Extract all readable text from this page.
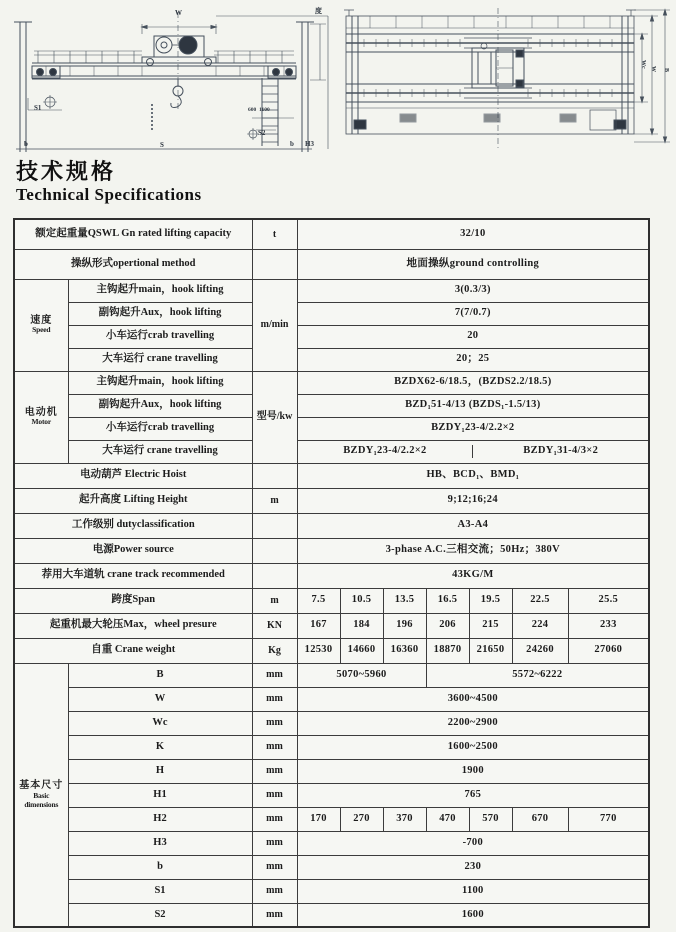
W	度
S1	600  1100
S2
b	S	b H3
Wc
W B
技术规格
Technical Specifications
额定起重量QSWL Gn rated lifting capacity		t	32/10						
操纵形式opertional method			地面操纵ground controlling						

速度
Speed	主钩起升main，hook lifting	m/min	3(0.3/3)						
	副钩起升Aux，hook lifting		7(7/0.7)						
	小车运行crab travelling		20						
	大车运行 crane travelling		20；25						

电动机
Motor	主钩起升main，hook lifting	型号/kw	BZDX62-6/18.5，(BZDS2.2/18.5)						
	副钩起升Aux，hook lifting		BZD₁51-4/13 (BZDS₁-1.5/13)						
	小车运行crab travelling		BZDY₁23-4/2.2×2						
	大车运行 crane travelling		BZDY₁23-4/2.2×2 BZDY₁31-4/3×2						

电动葫芦 Electric Hoist			HB、BCD₁、BMD₁						
起升高度 Lifting Height		m	9;12;16;24						
工作级别 dutyclassification			A3-A4						
电源Power source			3-phase A.C.三相交流；50Hz；380V						
荐用大车道轨 crane track recommended			43KG/M						
跨度Span		m	7.5	10.5	13.5	16.5	19.5	22.5	25.5
起重机最大轮压Max，wheel presure		KN	167	184	196	206	215	224	233
自重 Crane weight		Kg	12530	14660	16360	18870	21650	24260	27060

基本尺寸
Basic
dimensions	B	mm	5070~5960			5572~6222			
	W	mm	3600~4500						
	Wc	mm	2200~2900						
	K	mm	1600~2500						
	H	mm	1900						
	H1	mm	765						
	H2	mm	170	270	370	470	570	670	770
	H3	mm	-700						
	b	mm	230						
	S1	mm	1100						
	S2	mm	1600						
